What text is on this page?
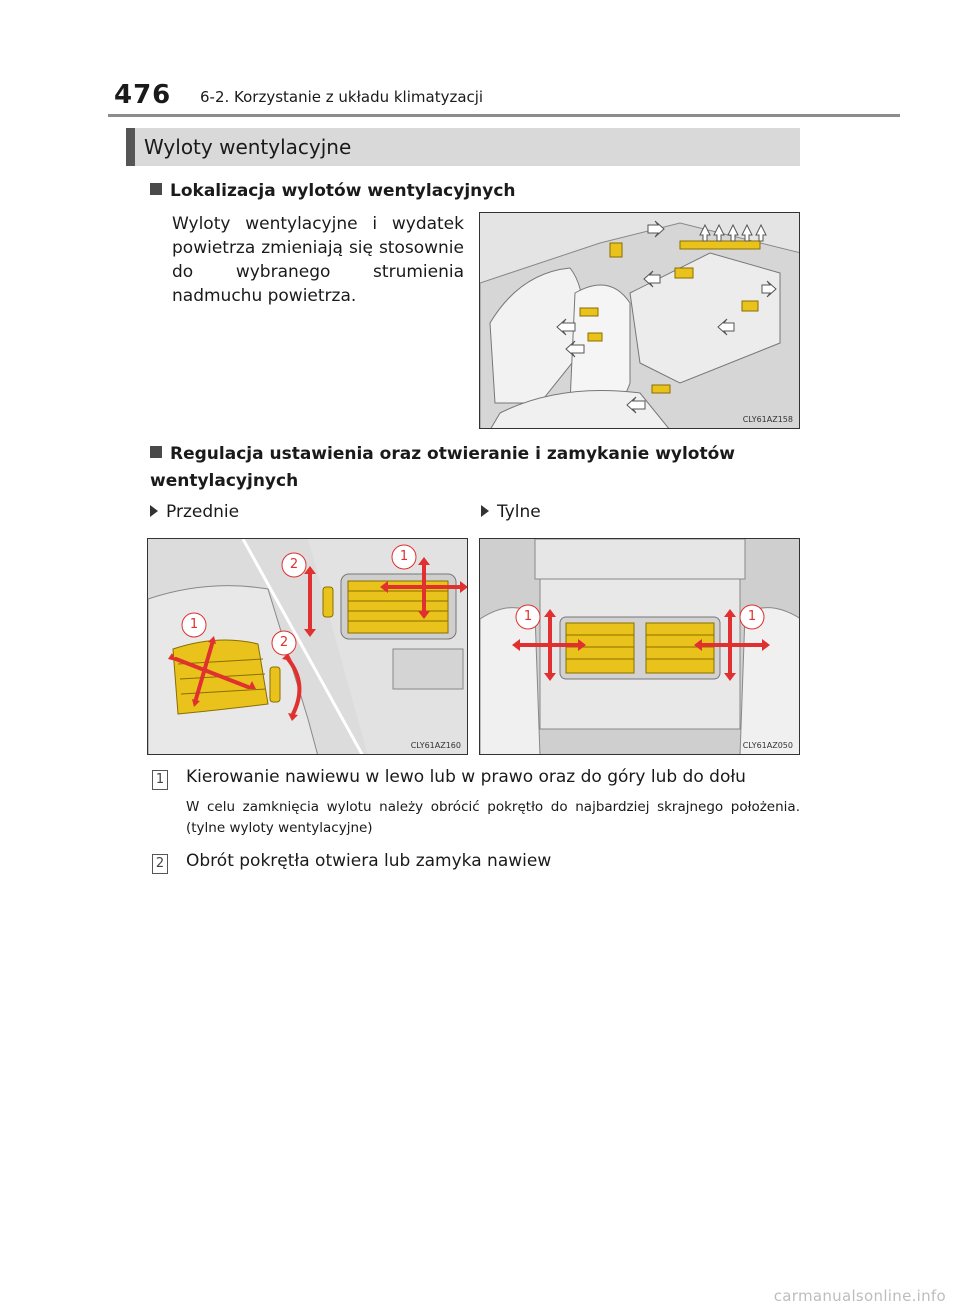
476 6-2. Korzystanie z układu klimatyzacji
Wyloty wentylacyjne
Lokalizacja wylotów wentylacyjnych
Wyloty wentylacyjne i wydatek powietrza zmieniają się stosownie do wybranego strumienia nadmuchu powietrza.
CLY61AZ158
Regulacja ustawienia oraz otwieranie i zamykanie wylotów wentylacyjnych
Przednie	Tylne
1
2
1
2
CLY61AZ160
1	1
CLY61AZ050
1 Kierowanie nawiewu w lewo lub w prawo oraz do góry lub do dołu
W celu zamknięcia wylotu należy obrócić pokrętło do najbardziej skrajnego położenia. (tylne wyloty wentylacyjne)
2 Obrót pokrętła otwiera lub zamyka nawiew
carmanualsonline.info
